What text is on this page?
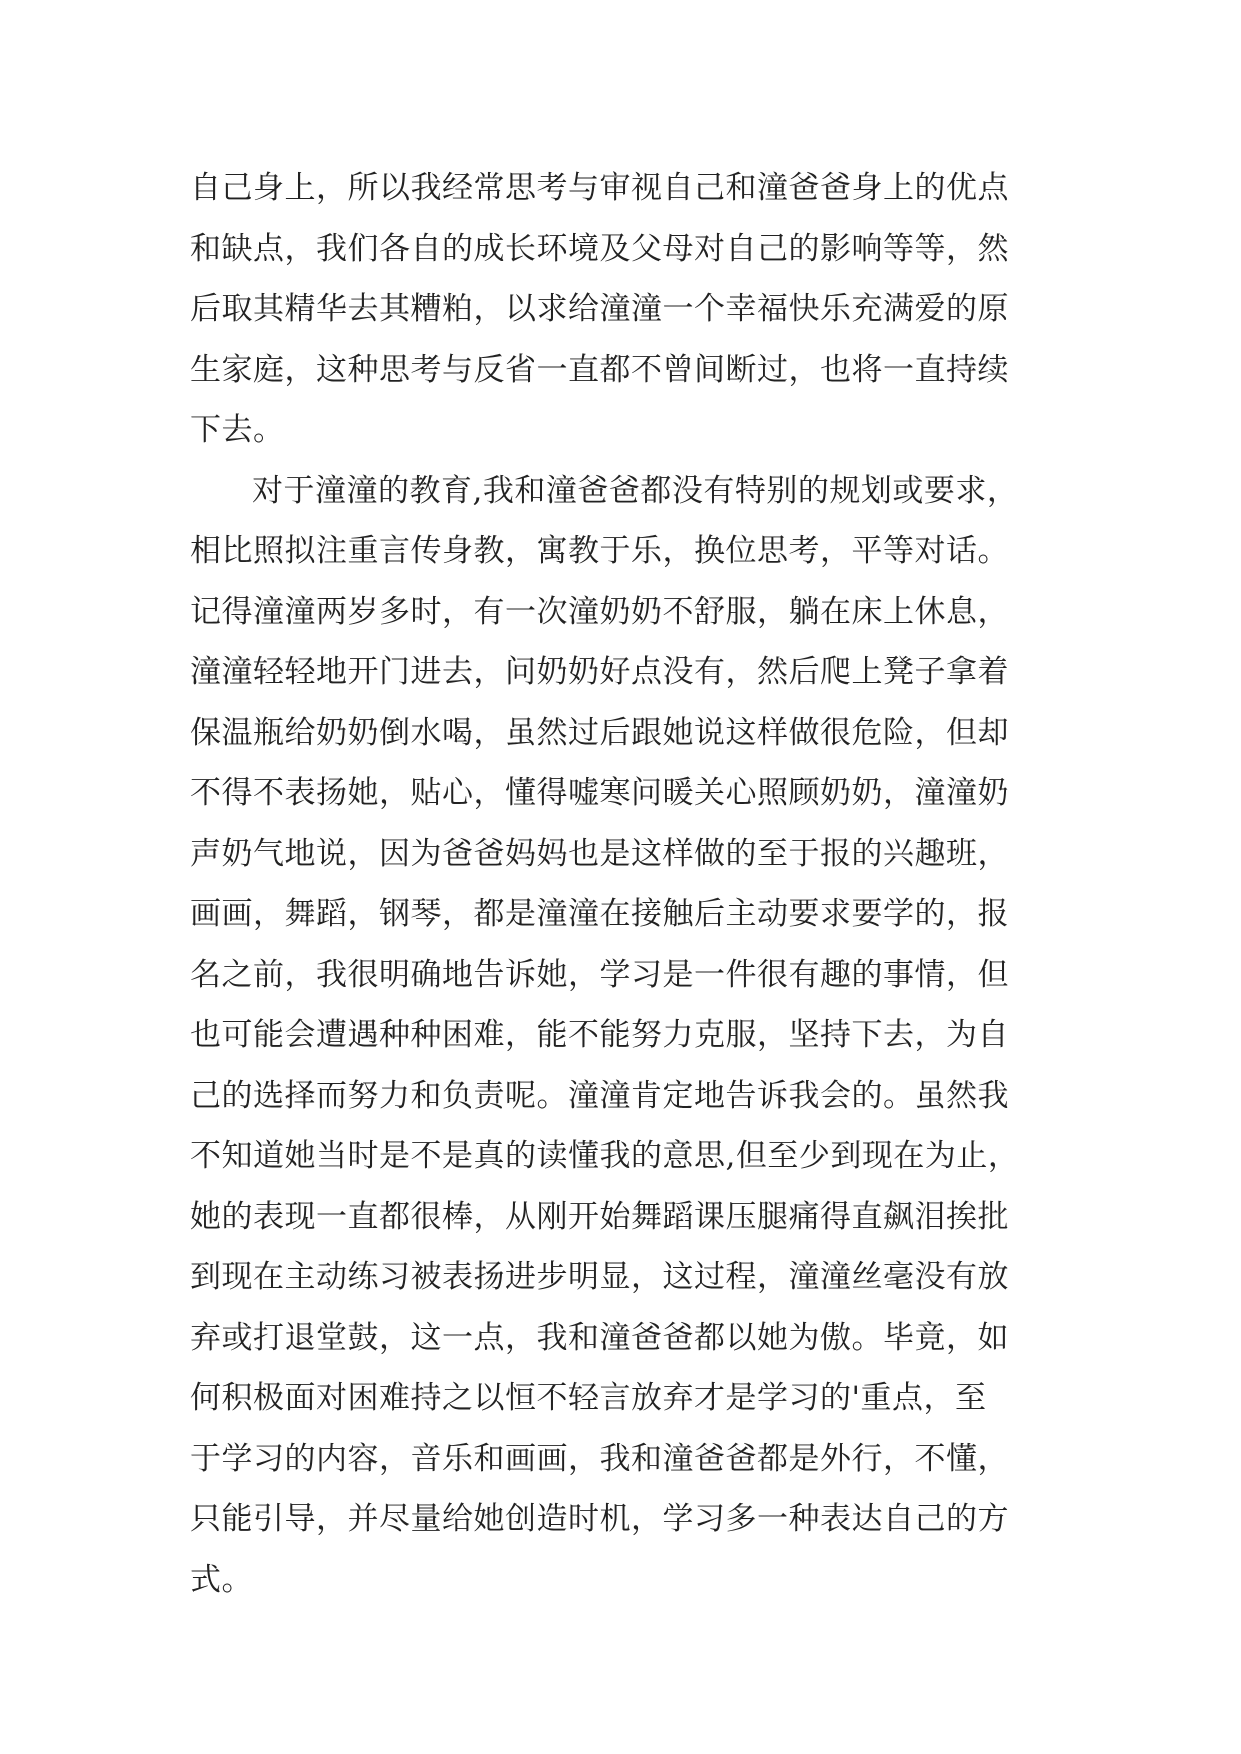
自己身上，所以我经常思考与审视自己和潼爸爸身上的优点
和缺点，我们各自的成长环境及父母对自己的影响等等，然
后取其精华去其糟粕，以求给潼潼一个幸福快乐充满爱的原
生家庭，这种思考与反省一直都不曾间断过，也将一直持续
下去。
对于潼潼的教育,我和潼爸爸都没有特别的规划或要求，
相比照拟注重言传身教，寓教于乐，换位思考，平等对话。
记得潼潼两岁多时，有一次潼奶奶不舒服，躺在床上休息，
潼潼轻轻地开门进去，问奶奶好点没有，然后爬上凳子拿着
保温瓶给奶奶倒水喝，虽然过后跟她说这样做很危险，但却
不得不表扬她，贴心，懂得嘘寒问暖关心照顾奶奶，潼潼奶
声奶气地说，因为爸爸妈妈也是这样做的至于报的兴趣班，
画画，舞蹈，钢琴，都是潼潼在接触后主动要求要学的，报
名之前，我很明确地告诉她，学习是一件很有趣的事情，但
也可能会遭遇种种困难，能不能努力克服，坚持下去，为自
己的选择而努力和负责呢。潼潼肯定地告诉我会的。虽然我
不知道她当时是不是真的读懂我的意思,但至少到现在为止，
她的表现一直都很棒，从刚开始舞蹈课压腿痛得直飙泪挨批
到现在主动练习被表扬进步明显，这过程，潼潼丝毫没有放
弃或打退堂鼓，这一点，我和潼爸爸都以她为傲。毕竟，如
何积极面对困难持之以恒不轻言放弃才是学习的'重点，至
于学习的内容，音乐和画画，我和潼爸爸都是外行，不懂，
只能引导，并尽量给她创造时机，学习多一种表达自己的方
式。
